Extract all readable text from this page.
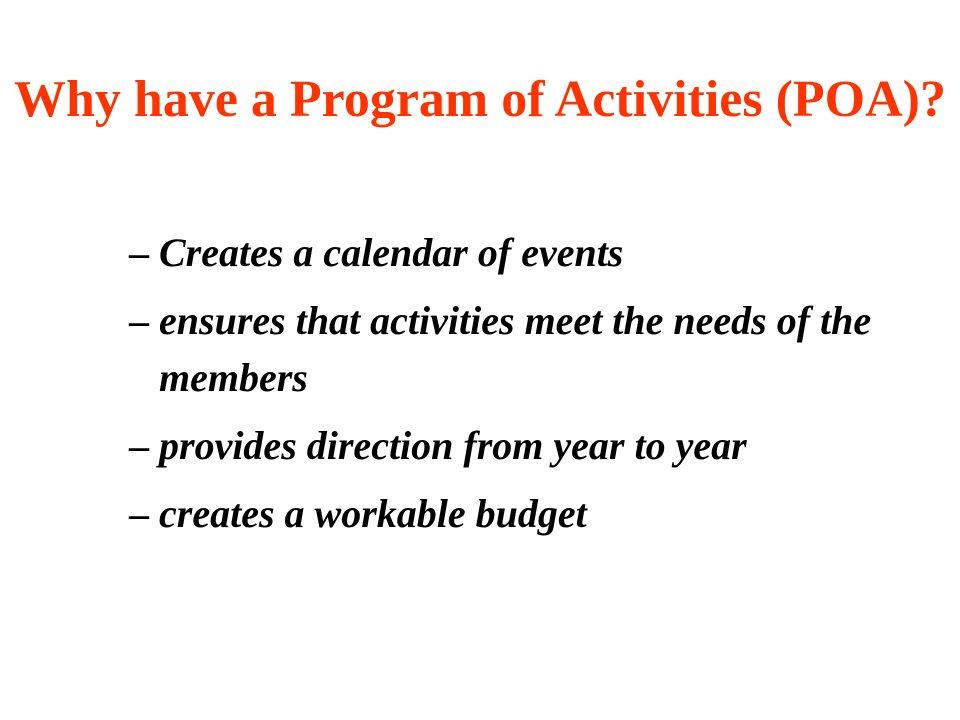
Why have a Program of Activities (POA)?
– Creates a calendar of events
– ensures that activities meet the needs of the members
– provides direction from year to year
– creates a workable budget
